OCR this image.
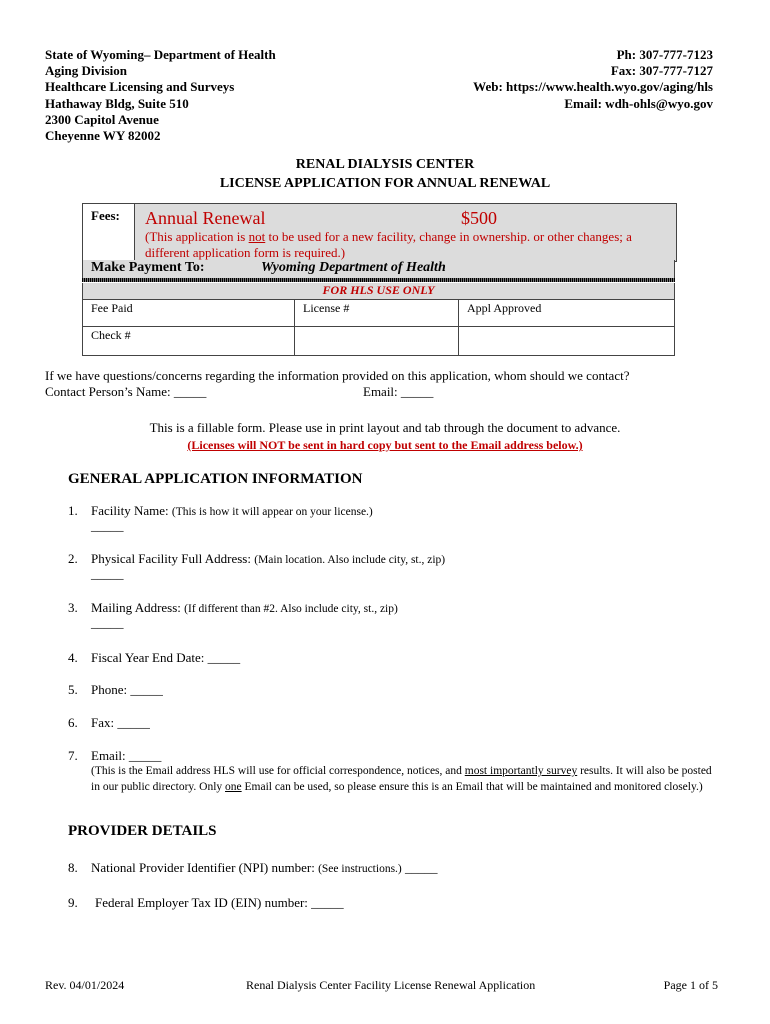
State of Wyoming– Department of Health
Aging Division
Healthcare Licensing and Surveys
Hathaway Bldg, Suite 510
2300 Capitol Avenue
Cheyenne WY 82002
Ph: 307-777-7123
Fax: 307-777-7127
Web: https://www.health.wyo.gov/aging/hls
Email: wdh-ohls@wyo.gov
RENAL DIALYSIS CENTER
LICENSE APPLICATION FOR ANNUAL RENEWAL
Fees:	Annual Renewal	$500
(This application is not to be used for a new facility, change in ownership. or other changes; a different application form is required.)
Make Payment To:	Wyoming Department of Health
FOR HLS USE ONLY
Fee Paid	License #	Appl Approved
Check #
If we have questions/concerns regarding the information provided on this application, whom should we contact?
Contact Person’s Name: _____	Email: _____
This is a fillable form. Please use in print layout and tab through the document to advance.
(Licenses will NOT be sent in hard copy but sent to the Email address below.)
GENERAL APPLICATION INFORMATION
1. Facility Name: (This is how it will appear on your license.)
_____
2. Physical Facility Full Address: (Main location. Also include city, st., zip)
_____
3. Mailing Address: (If different than #2. Also include city, st., zip)
_____
4. Fiscal Year End Date: _____
5. Phone: _____
6. Fax: _____
7. Email: _____
(This is the Email address HLS will use for official correspondence, notices, and most importantly survey results. It will also be posted in our public directory. Only one Email can be used, so please ensure this is an Email that will be maintained and monitored closely.)
PROVIDER DETAILS
8. National Provider Identifier (NPI) number: (See instructions.) _____
9. Federal Employer Tax ID (EIN) number: _____
Rev. 04/01/2024	Renal Dialysis Center Facility License Renewal Application	Page 1 of 5
